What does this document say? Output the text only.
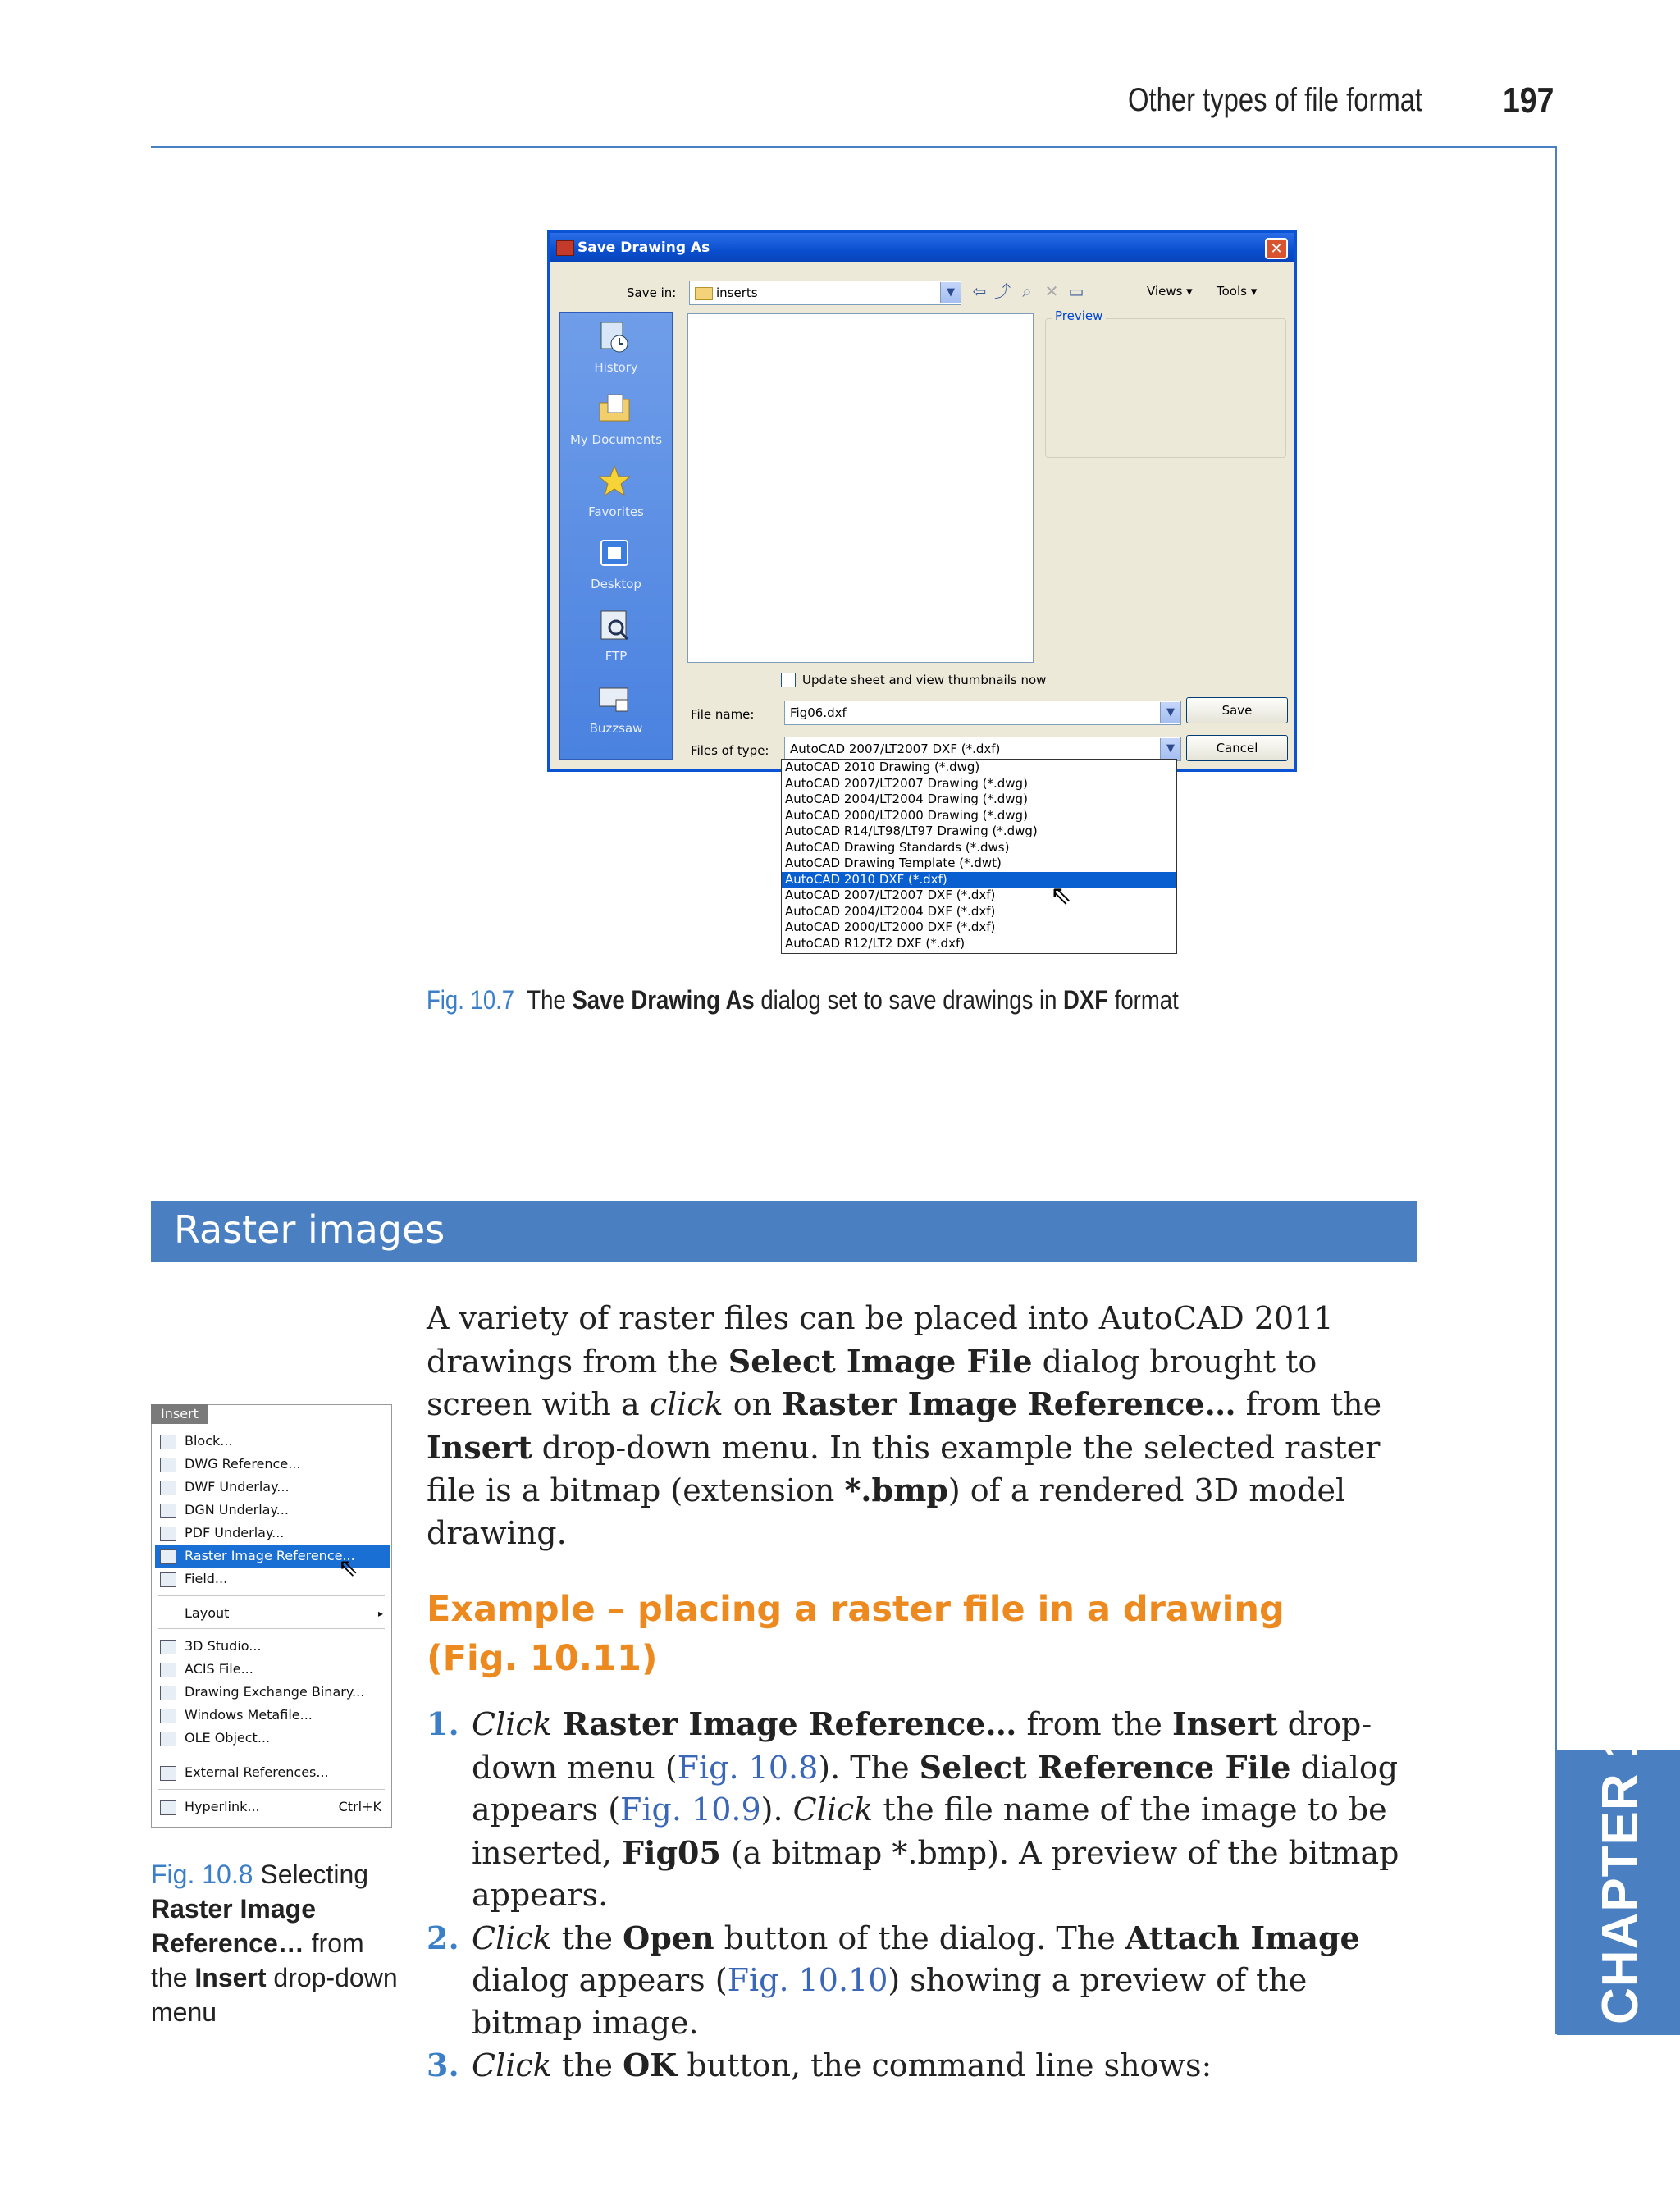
Other types of file format 197
CHAPTER 10
Save Drawing As	✕
Save in:	inserts	▼	⇦ ⤴ ⌕ ✕ ▭	Views ▾ Tools ▾
History
My Documents
Favorites
Desktop
FTP
Buzzsaw
Preview
Update sheet and view thumbnails now
File name:	Fig06.dxf	▼
Files of type: AutoCAD 2007/LT2007 DXF (*.dxf)	▼
Save
Cancel
AutoCAD 2010 Drawing (*.dwg)
AutoCAD 2007/LT2007 Drawing (*.dwg)
AutoCAD 2004/LT2004 Drawing (*.dwg)
AutoCAD 2000/LT2000 Drawing (*.dwg)
AutoCAD R14/LT98/LT97 Drawing (*.dwg)
AutoCAD Drawing Standards (*.dws)
AutoCAD Drawing Template (*.dwt)
AutoCAD 2010 DXF (*.dxf)
AutoCAD 2007/LT2007 DXF (*.dxf)
AutoCAD 2004/LT2004 DXF (*.dxf)
AutoCAD 2000/LT2000 DXF (*.dxf)
AutoCAD R12/LT2 DXF (*.dxf)
⇖
Fig. 10.7 The Save Drawing As dialog set to save drawings in DXF format
Raster images
A variety of raster files can be placed into AutoCAD 2011 drawings from the Select Image File dialog brought to screen with a click on Raster Image Reference… from the Insert drop-down menu. In this example the selected raster file is a bitmap (extension *.bmp) of a rendered 3D model drawing.
Example – placing a raster file in a drawing
(Fig. 10.11)
1. Click Raster Image Reference… from the Insert drop-down menu (Fig. 10.8). The Select Reference File dialog appears (Fig. 10.9). Click the file name of the image to be inserted, Fig05 (a bitmap *.bmp). A preview of the bitmap appears.
2. Click the Open button of the dialog. The Attach Image dialog appears (Fig. 10.10) showing a preview of the bitmap image.
3. Click the OK button, the command line shows:
Block...
DWG Reference...
DWF Underlay...
DGN Underlay...
PDF Underlay...
Raster Image Reference...
Field...
Layout	▸
3D Studio...
ACIS File...
Drawing Exchange Binary...
Windows Metafile...
OLE Object...
External References...
Hyperlink...	Ctrl+K
Insert
⇖
Fig. 10.8 Selecting Raster Image Reference… from the Insert drop-down menu
